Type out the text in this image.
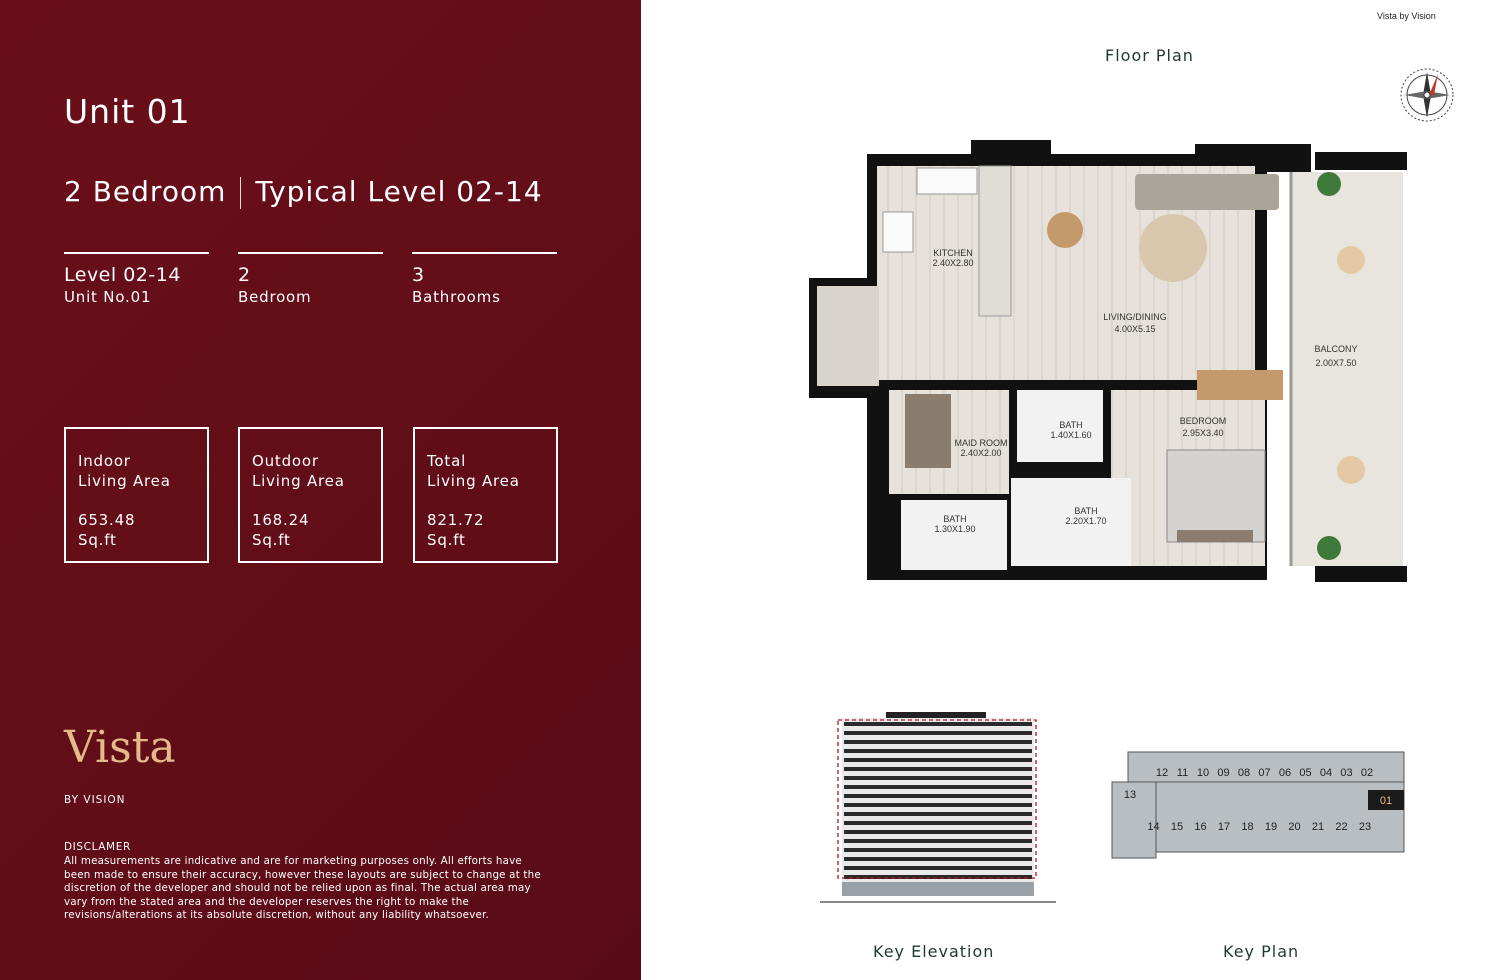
Unit 01
2 Bedroom Typical Level 02-14
Level 02-14
Unit No.01
2
Bedroom
3
Bathrooms
Indoor
Living Area
653.48
Sq.ft
Outdoor
Living Area
168.24
Sq.ft
Total
Living Area
821.72
Sq.ft
Vista
BY VISION
DISCLAMER
All measurements are indicative and are for marketing purposes only. All efforts have been made to ensure their accuracy, however these layouts are subject to change at the discretion of the developer and should not be relied upon as final. The actual area may vary from the stated area and the developer reserves the right to make the revisions/alterations at its absolute discretion, without any liability whatsoever.
Vista by Vision
Floor Plan
KITCHEN
2.40X2.80
LIVING/DINING
4.00X5.15
BALCONY
2.00X7.50
MAID ROOM
2.40X2.00
BATH
1.40X1.60
BEDROOM
2.95X3.40
BATH
1.30X1.90
BATH
2.20X1.70
12 11 10 09 08 07 06 05 04 03 02
13
14 15 16 17 18 19 20 21 22 23
01
Key Elevation	Key Plan
